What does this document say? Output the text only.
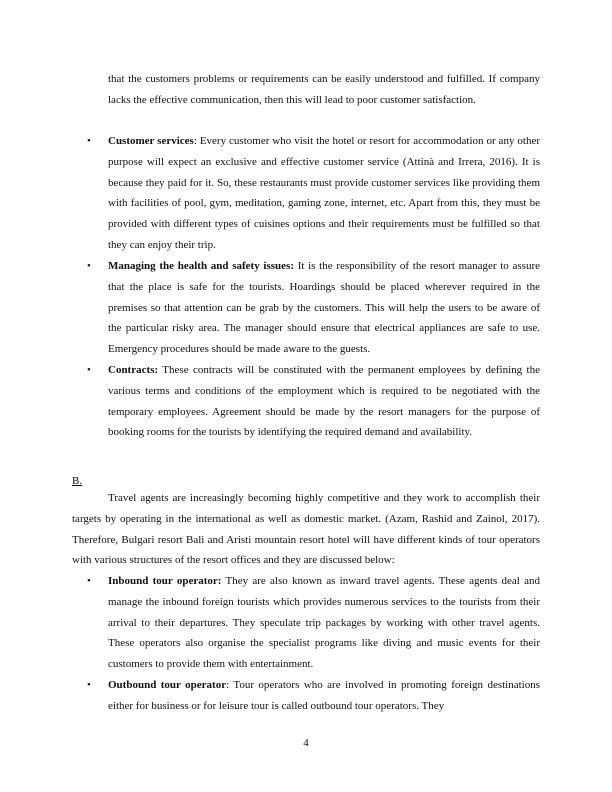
that the customers problems or requirements can be easily understood and fulfilled. If company lacks the effective communication, then this will lead to poor customer satisfaction.
• Customer services: Every customer who visit the hotel or resort for accommodation or any other purpose will expect an exclusive and effective customer service (Attinà and Irrera, 2016). It is because they paid for it. So, these restaurants must provide customer services like providing them with facilities of pool, gym, meditation, gaming zone, internet, etc. Apart from this, they must be provided with different types of cuisines options and their requirements must be fulfilled so that they can enjoy their trip.
• Managing the health and safety issues: It is the responsibility of the resort manager to assure that the place is safe for the tourists. Hoardings should be placed wherever required in the premises so that attention can be grab by the customers. This will help the users to be aware of the particular risky area. The manager should ensure that electrical appliances are safe to use. Emergency procedures should be made aware to the guests.
• Contracts: These contracts will be constituted with the permanent employees by defining the various terms and conditions of the employment which is required to be negotiated with the temporary employees. Agreement should be made by the resort managers for the purpose of booking rooms for the tourists by identifying the required demand and availability.
B.
Travel agents are increasingly becoming highly competitive and they work to accomplish their targets by operating in the international as well as domestic market. (Azam, Rashid and Zainol, 2017). Therefore, Bulgari resort Bali and Aristi mountain resort hotel will have different kinds of tour operators with various structures of the resort offices and they are discussed below:
• Inbound tour operator: They are also known as inward travel agents. These agents deal and manage the inbound foreign tourists which provides numerous services to the tourists from their arrival to their departures. They speculate trip packages by working with other travel agents. These operators also organise the specialist programs like diving and music events for their customers to provide them with entertainment.
• Outbound tour operator: Tour operators who are involved in promoting foreign destinations either for business or for leisure tour is called outbound tour operators. They
4
